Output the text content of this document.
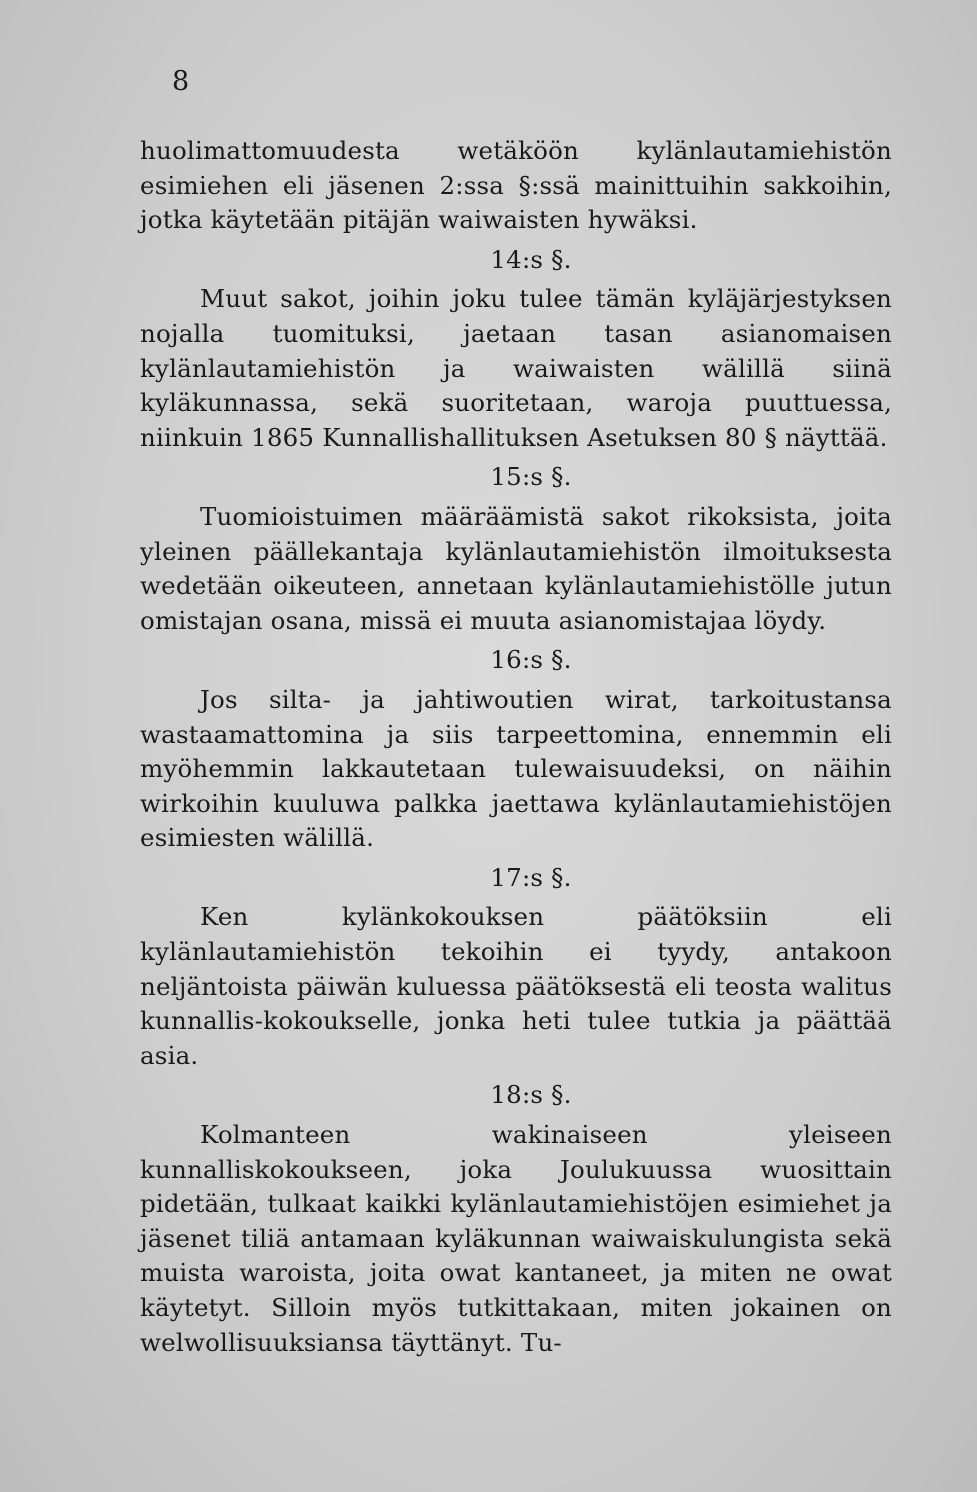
8

huolimattomuudesta wetäköön kylänlautamiehistön esimiehen eli jäsenen 2:ssa §:ssä mainittuihin sakkoihin, jotka käytetään pitäjän waiwaisten hywäksi.

14:s §.

Muut sakot, joihin joku tulee tämän kyläjärjestyksen nojalla tuomituksi, jaetaan tasan asianomaisen kylänlautamiehistön ja waiwaisten wälillä siinä kyläkunnassa, sekä suoritetaan, waroja puuttuessa, niinkuin 1865 Kunnallishallituksen Asetuksen 80 § näyttää.

15:s §.

Tuomioistuimen määräämistä sakot rikoksista, joita yleinen päällekantaja kylänlautamiehistön ilmoituksesta wedetään oikeuteen, annetaan kylänlautamiehistölle jutun omistajan osana, missä ei muuta asianomistajaa löydy.

16:s §.

Jos silta- ja jahtiwoutien wirat, tarkoitustansa wastaamattomina ja siis tarpeettomina, ennemmin eli myöhemmin lakkautetaan tulewaisuudeksi, on näihin wirkoihin kuuluwa palkka jaettawa kylänlautamiehistöjen esimiesten wälillä.

17:s §.

Ken kylänkokouksen päätöksiin eli kylänlautamiehistön tekoihin ei tyydy, antakoon neljäntoista päiwän kuluessa päätöksestä eli teosta walitus kunnallis-kokoukselle, jonka heti tulee tutkia ja päättää asia.

18:s §.

Kolmanteen wakinaiseen yleiseen kunnalliskokoukseen, joka Joulukuussa wuosittain pidetään, tulkaat kaikki kylänlautamiehistöjen esimiehet ja jäsenet tiliä antamaan kyläkunnan waiwaiskulungista sekä muista waroista, joita owat kantaneet, ja miten ne owat käytetyt. Silloin myös tutkittakaan, miten jokainen on welwollisuuksiansa täyttänyt. Tu-
